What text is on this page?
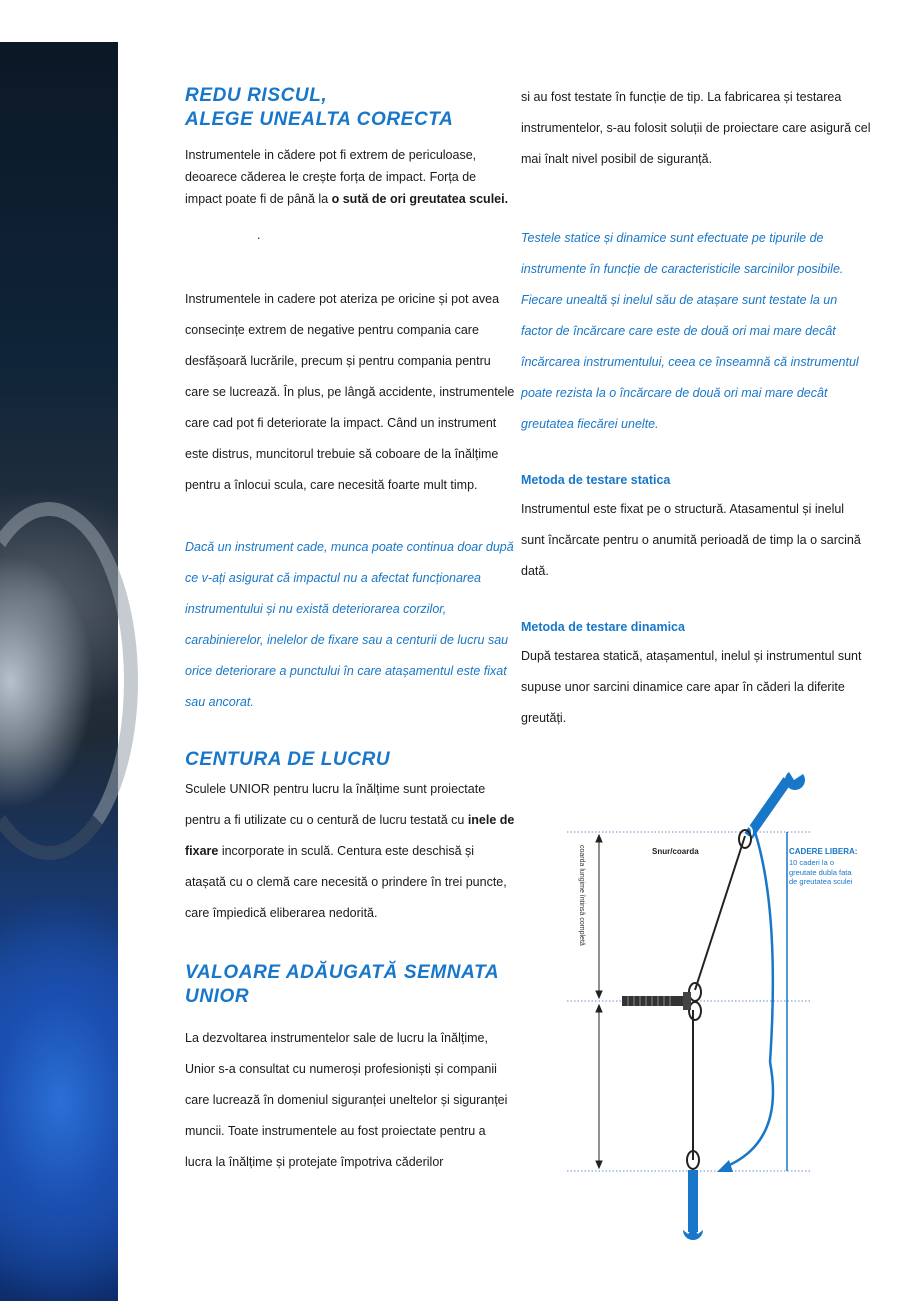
REDU RISCUL,
ALEGE UNEALTA CORECTA

Instrumentele in cădere pot fi extrem de periculoase, deoarece căderea le crește forța de impact. Forța de impact poate fi de până la o sută de ori greutatea sculei.

.

Instrumentele in cadere pot ateriza pe oricine și pot avea consecințe extrem de negative pentru compania care desfășoară lucrările, precum și pentru compania pentru care se lucrează. În plus, pe lângă accidente, instrumentele care cad pot fi deteriorate la impact. Când un instrument este distrus, muncitorul trebuie să coboare de la înălțime pentru a înlocui scula, care necesită foarte mult timp.

Dacă un instrument cade, munca poate continua doar după ce v-ați asigurat că impactul nu a afectat funcționarea instrumentului și nu există deteriorarea corzilor, carabinierelor, inelelor de fixare sau a centurii de lucru sau orice deteriorare a punctului în care atașamentul este fixat sau ancorat.

CENTURA DE LUCRU

Sculele UNIOR pentru lucru la înălțime sunt proiectate pentru a fi utilizate cu o centură de lucru testată cu inele de fixare incorporate in sculă. Centura este deschisă și atașată cu o clemă care necesită o prindere în trei puncte, care împiedică eliberarea nedorită.

VALOARE ADĂUGATĂ SEMNATA
UNIOR

La dezvoltarea instrumentelor sale de lucru la înălțime, Unior s-a consultat cu numeroși profesioniști și companii care lucrează în domeniul siguranței uneltelor și siguranței muncii. Toate instrumentele au fost proiectate pentru a lucra la înălțime și protejate împotriva căderilor

si au fost testate în funcție de tip. La fabricarea și testarea instrumentelor, s-au folosit soluții de proiectare care asigură cel mai înalt nivel posibil de siguranță.

Testele statice și dinamice sunt efectuate pe tipurile de instrumente în funcție de caracteristicile sarcinilor posibile. Fiecare unealtă și inelul său de atașare sunt testate la un factor de încărcare care este de două ori mai mare decât încărcarea instrumentului, ceea ce înseamnă că instrumentul poate rezista la o încărcare de două ori mai mare decât greutatea fiecărei unelte.

Metoda de testare statica

Instrumentul este fixat pe o structură. Atasamentul și inelul sunt încărcate pentru o anumită perioadă de timp la o sarcină dată.

Metoda de testare dinamica

După testarea statică, atașamentul, inelul și instrumentul sunt supuse unor sarcini dinamice care apar în căderi la diferite greutăți.

Snur/coarda
coarda lungime întinsă completă	CADERE LIBERA:
10 caderi la o greutate dubla fata de greutatea sculei
